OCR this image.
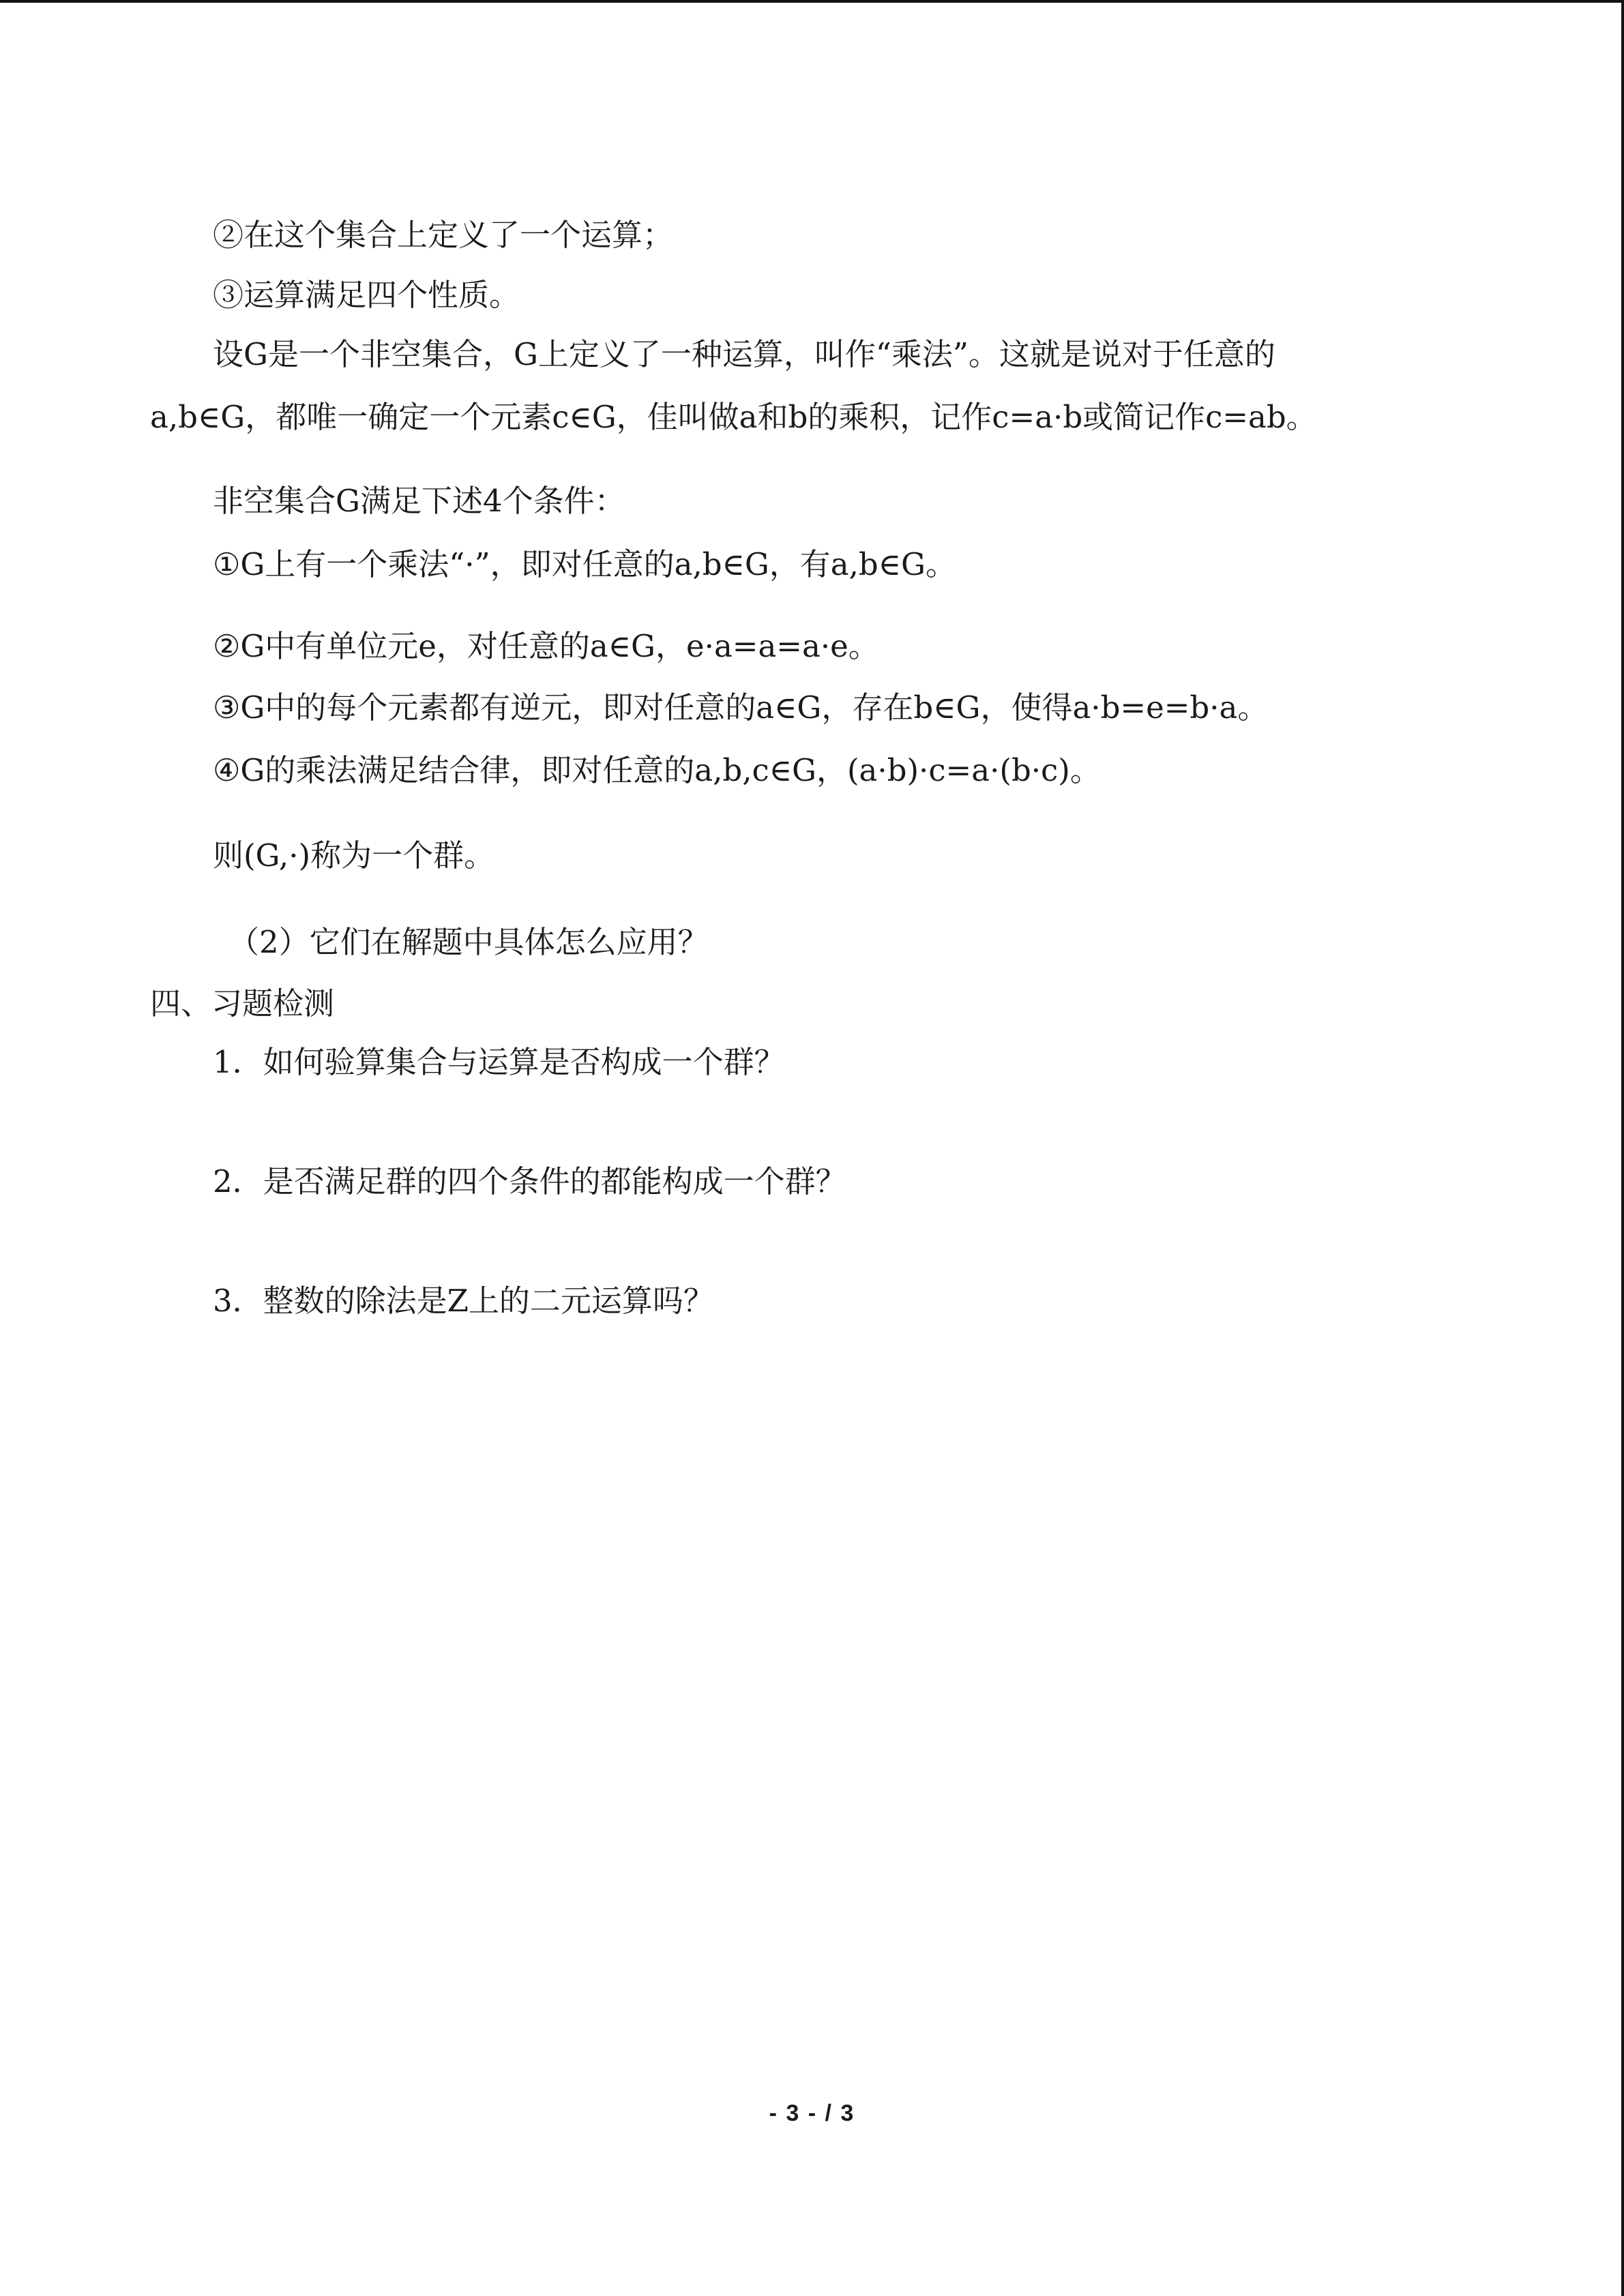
②在这个集合上定义了一个运算；
③运算满足四个性质。
设G是一个非空集合，G上定义了一种运算，叫作“乘法”。这就是说对于任意的
a,b∈G，都唯一确定一个元素c∈G，佳叫做a和b的乘积，记作c=a·b或简记作c=ab。
非空集合G满足下述4个条件：
①G上有一个乘法“·”，即对任意的a,b∈G，有a,b∈G。
②G中有单位元e，对任意的a∈G，e·a=a=a·e。
③G中的每个元素都有逆元，即对任意的a∈G，存在b∈G，使得a·b=e=b·a。
④G的乘法满足结合律，即对任意的a,b,c∈G，(a·b)·c=a·(b·c)。
则(G,·)称为一个群。
（2）它们在解题中具体怎么应用？
四、习题检测
1．如何验算集合与运算是否构成一个群？
2．是否满足群的四个条件的都能构成一个群？
3．整数的除法是Z上的二元运算吗？
- 3 - / 3
